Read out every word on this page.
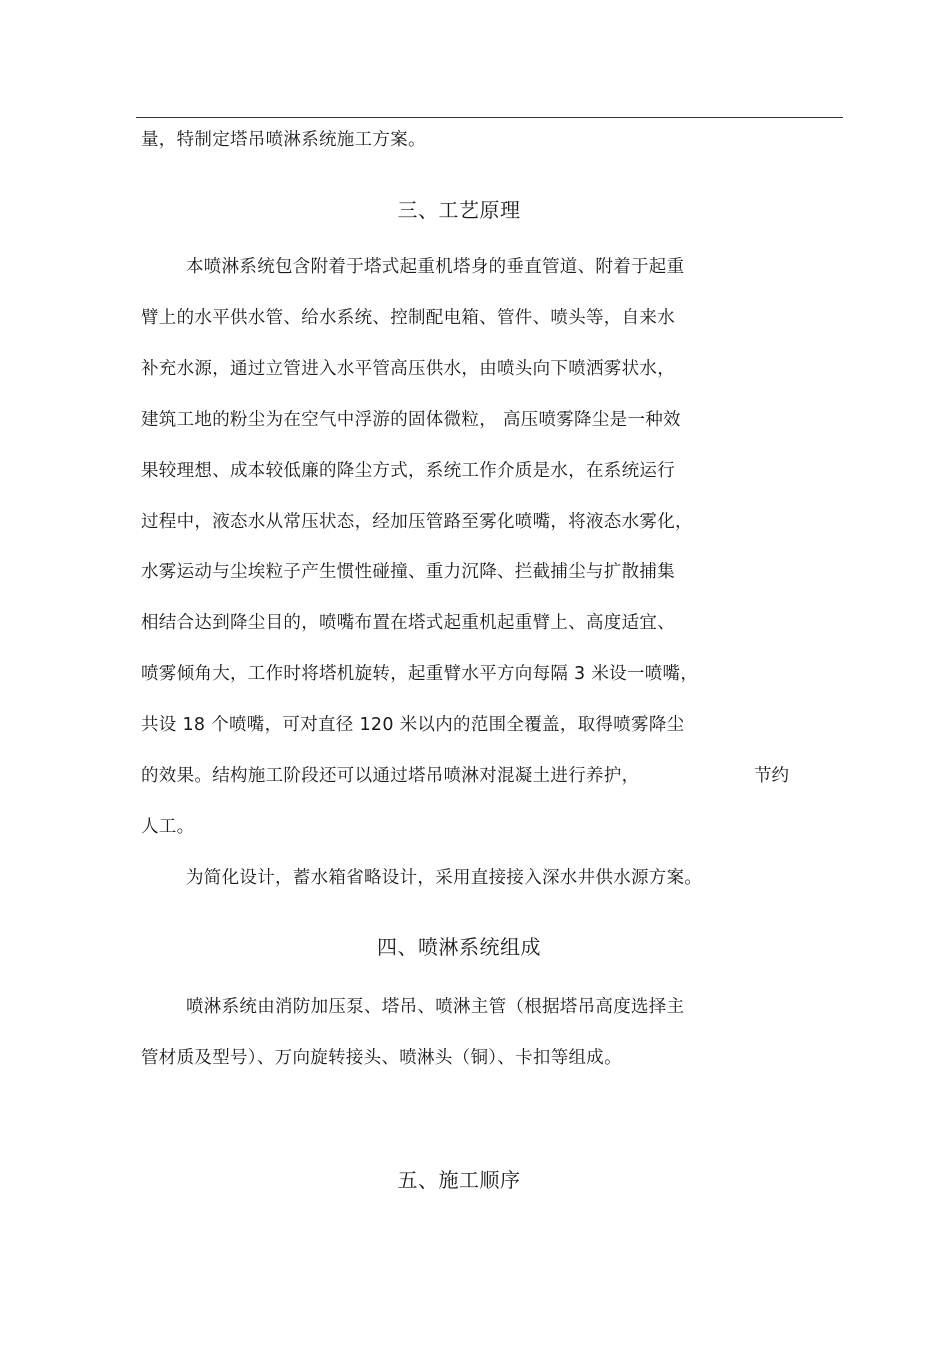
量，特制定塔吊喷淋系统施工方案。
三、工艺原理
本喷淋系统包含附着于塔式起重机塔身的垂直管道、附着于起重
臂上的水平供水管、给水系统、控制配电箱、管件、喷头等，自来水
补充水源，通过立管进入水平管高压供水，由喷头向下喷洒雾状水，
建筑工地的粉尘为在空气中浮游的固体微粒， 高压喷雾降尘是一种效
果较理想、成本较低廉的降尘方式，系统工作介质是水，在系统运行
过程中，液态水从常压状态，经加压管路至雾化喷嘴，将液态水雾化，
水雾运动与尘埃粒子产生惯性碰撞、重力沉降、拦截捕尘与扩散捕集
相结合达到降尘目的，喷嘴布置在塔式起重机起重臂上、高度适宜、
喷雾倾角大，工作时将塔机旋转，起重臂水平方向每隔 3 米设一喷嘴，
共设 18 个喷嘴，可对直径 120 米以内的范围全覆盖，取得喷雾降尘
的效果。结构施工阶段还可以通过塔吊喷淋对混凝土进行养护，	节约
人工。
为简化设计，蓄水箱省略设计，采用直接接入深水井供水源方案。
四、喷淋系统组成
喷淋系统由消防加压泵、塔吊、喷淋主管（根据塔吊高度选择主
管材质及型号）、万向旋转接头、喷淋头（铜）、卡扣等组成。
五、施工顺序
